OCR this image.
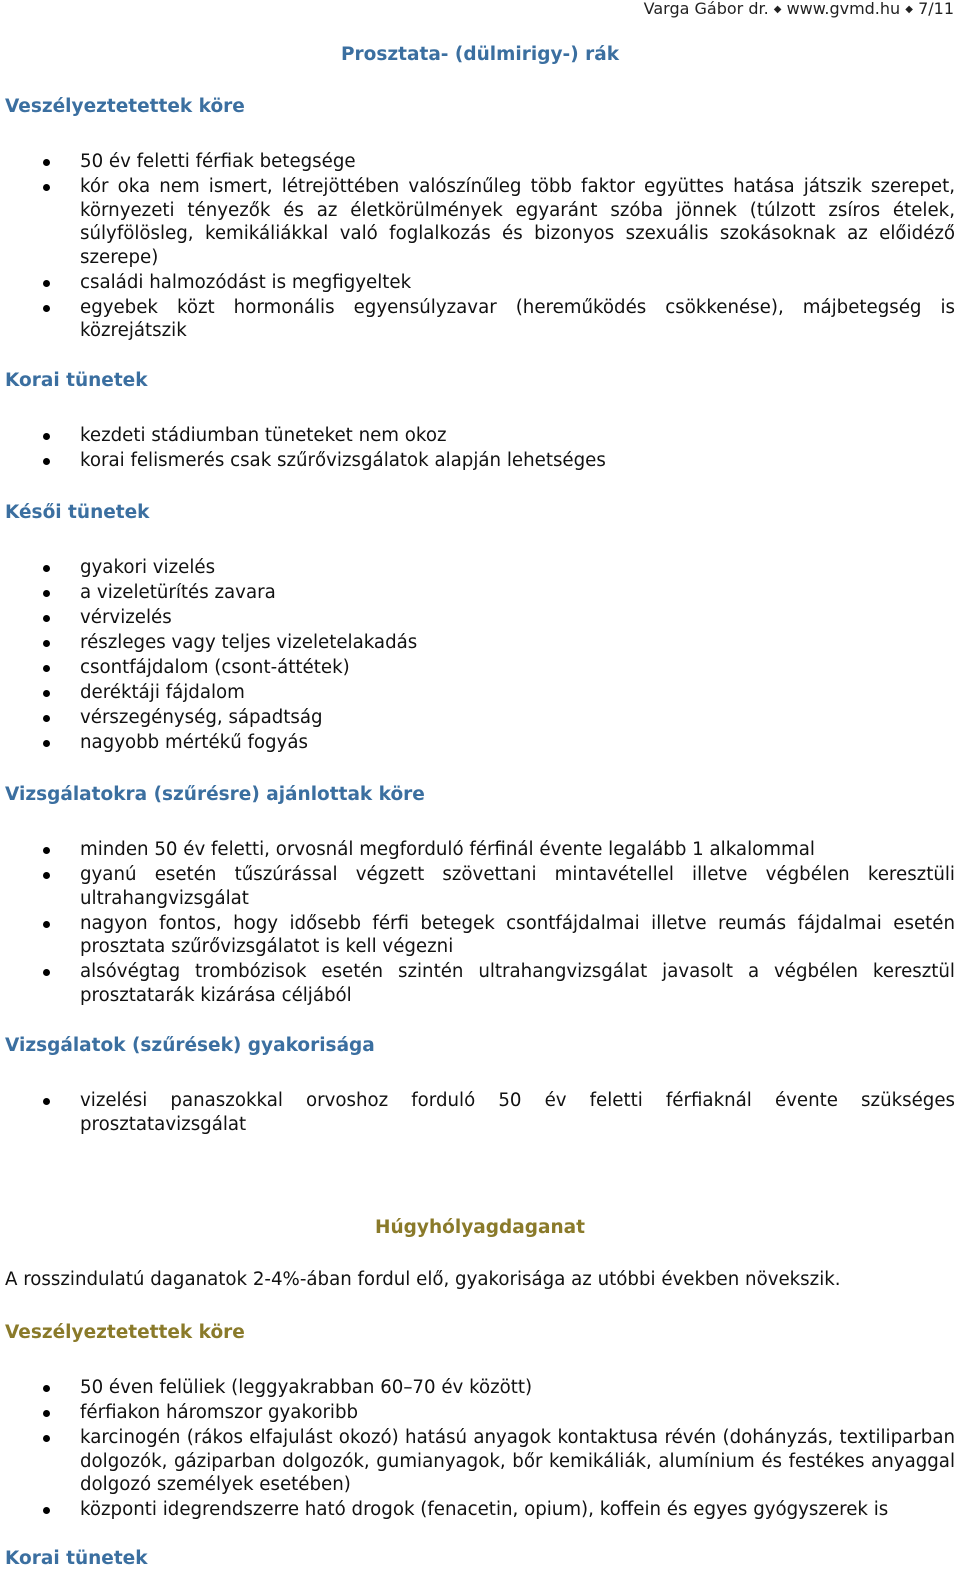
Varga Gábor dr. ◆ www.gvmd.hu ◆ 7/11
Prosztata- (dülmirigy-) rák
Veszélyeztetettek köre
50 év feletti férfiak betegsége
kór oka nem ismert, létrejöttében valószínűleg több faktor együttes hatása játszik szerepet, környezeti tényezők és az életkörülmények egyaránt szóba jönnek (túlzott zsíros ételek, súlyfölösleg, kemikáliákkal való foglalkozás és bizonyos szexuális szokásoknak az előidéző szerepe)
családi halmozódást is megfigyeltek
egyebek közt hormonális egyensúlyzavar (hereműködés csökkenése), májbetegség is közrejátszik
Korai tünetek
kezdeti stádiumban tüneteket nem okoz
korai felismerés csak szűrővizsgálatok alapján lehetséges
Késői tünetek
gyakori vizelés
a vizeletürítés zavara
vérvizelés
részleges vagy teljes vizeletelakadás
csontfájdalom (csont-áttétek)
deréktáji fájdalom
vérszegénység, sápadtság
nagyobb mértékű fogyás
Vizsgálatokra (szűrésre) ajánlottak köre
minden 50 év feletti, orvosnál megforduló férfinál évente legalább 1 alkalommal
gyanú esetén tűszúrással végzett szövettani mintavétellel illetve végbélen keresztüli ultrahangvizsgálat
nagyon fontos, hogy idősebb férfi betegek csontfájdalmai illetve reumás fájdalmai esetén prosztata szűrővizsgálatot is kell végezni
alsóvégtag trombózisok esetén szintén ultrahangvizsgálat javasolt a végbélen keresztül prosztatarák kizárása céljából
Vizsgálatok (szűrések) gyakorisága
vizelési panaszokkal orvoshoz forduló 50 év feletti férfiaknál évente szükséges prosztatavizsgálat
Húgyhólyagdaganat
A rosszindulatú daganatok 2-4%-ában fordul elő, gyakorisága az utóbbi években növekszik.
Veszélyeztetettek köre
50 éven felüliek (leggyakrabban 60–70 év között)
férfiakon háromszor gyakoribb
karcinogén (rákos elfajulást okozó) hatású anyagok kontaktusa révén (dohányzás, textiliparban dolgozók, gáziparban dolgozók, gumianyagok, bőr kemikáliák, alumínium és festékes anyaggal dolgozó személyek esetében)
központi idegrendszerre ható drogok (fenacetin, opium), koffein és egyes gyógyszerek is
Korai tünetek
